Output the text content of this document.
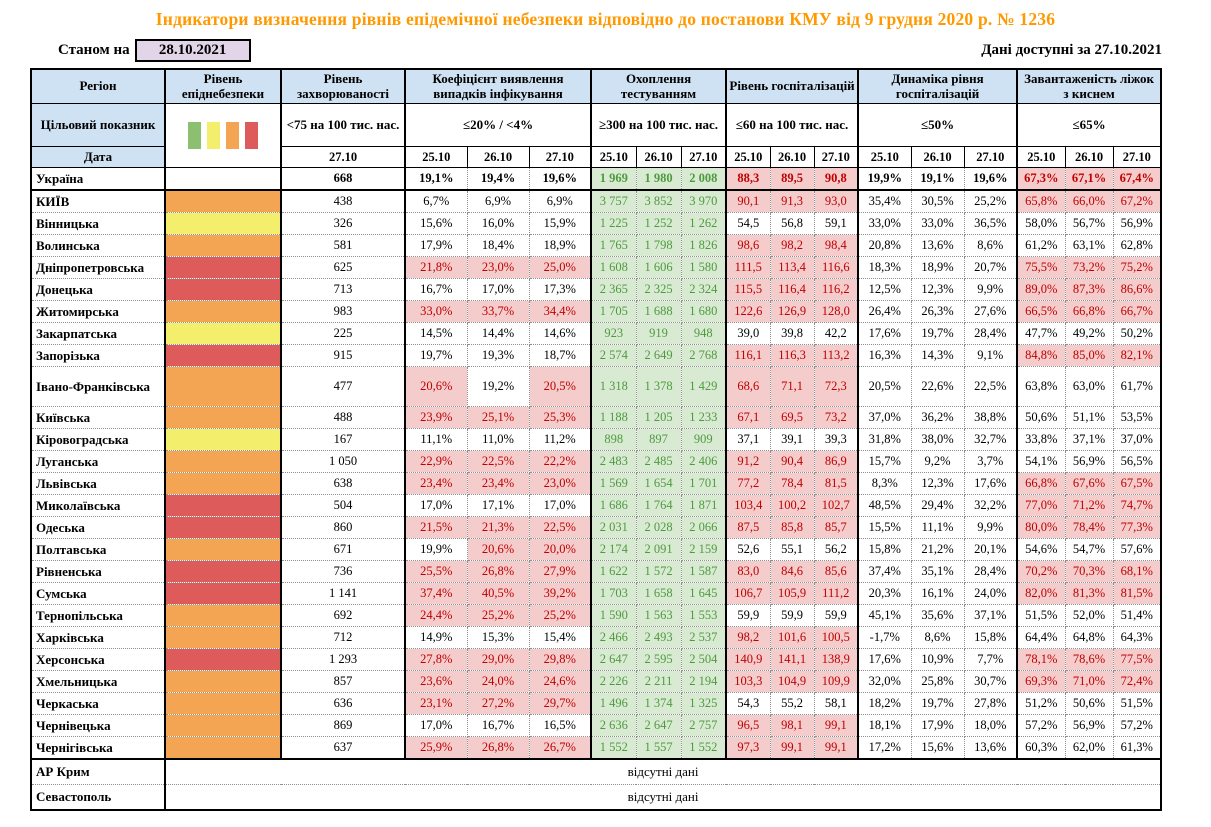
Індикатори визначення рівнів епідемічної небезпеки відповідно до постанови КМУ від 9 грудня 2020 р. № 1236
Станом на	28.10.2021	Дані доступні за 27.10.2021
Регіон	Рівень епіднебезпеки	Рівень захворюваності	Коефіцієнт виявлення випадків інфікування			Охоплення тестуванням			Рівень госпіталізацій			Динаміка рівня госпіталізацій			Завантаженість ліжок з киснем		
Цільовий показник		<75 на 100 тис. нас.	≤20% / <4%			≥300 на 100 тис. нас.			≤60 на 100 тис. нас.			≤50%			≤65%		
Дата		27.10	25.10	26.10	27.10	25.10	26.10	27.10	25.10	26.10	27.10	25.10	26.10	27.10	25.10	26.10	27.10
Україна		668	19,1%	19,4%	19,6%	1 969	1 980	2 008	88,3	89,5	90,8	19,9%	19,1%	19,6%	67,3%	67,1%	67,4%
КИЇВ		438	6,7%	6,9%	6,9%	3 757	3 852	3 970	90,1	91,3	93,0	35,4%	30,5%	25,2%	65,8%	66,0%	67,2%
Вінницька		326	15,6%	16,0%	15,9%	1 225	1 252	1 262	54,5	56,8	59,1	33,0%	33,0%	36,5%	58,0%	56,7%	56,9%
Волинська		581	17,9%	18,4%	18,9%	1 765	1 798	1 826	98,6	98,2	98,4	20,8%	13,6%	8,6%	61,2%	63,1%	62,8%
Дніпропетровська		625	21,8%	23,0%	25,0%	1 608	1 606	1 580	111,5	113,4	116,6	18,3%	18,9%	20,7%	75,5%	73,2%	75,2%
Донецька		713	16,7%	17,0%	17,3%	2 365	2 325	2 324	115,5	116,4	116,2	12,5%	12,3%	9,9%	89,0%	87,3%	86,6%
Житомирська		983	33,0%	33,7%	34,4%	1 705	1 688	1 680	122,6	126,9	128,0	26,4%	26,3%	27,6%	66,5%	66,8%	66,7%
Закарпатська		225	14,5%	14,4%	14,6%	923	919	948	39,0	39,8	42,2	17,6%	19,7%	28,4%	47,7%	49,2%	50,2%
Запорізька		915	19,7%	19,3%	18,7%	2 574	2 649	2 768	116,1	116,3	113,2	16,3%	14,3%	9,1%	84,8%	85,0%	82,1%
Івано-Франківська		477	20,6%	19,2%	20,5%	1 318	1 378	1 429	68,6	71,1	72,3	20,5%	22,6%	22,5%	63,8%	63,0%	61,7%
Київська		488	23,9%	25,1%	25,3%	1 188	1 205	1 233	67,1	69,5	73,2	37,0%	36,2%	38,8%	50,6%	51,1%	53,5%
Кіровоградська		167	11,1%	11,0%	11,2%	898	897	909	37,1	39,1	39,3	31,8%	38,0%	32,7%	33,8%	37,1%	37,0%
Луганська		1 050	22,9%	22,5%	22,2%	2 483	2 485	2 406	91,2	90,4	86,9	15,7%	9,2%	3,7%	54,1%	56,9%	56,5%
Львівська		638	23,4%	23,4%	23,0%	1 569	1 654	1 701	77,2	78,4	81,5	8,3%	12,3%	17,6%	66,8%	67,6%	67,5%
Миколаївська		504	17,0%	17,1%	17,0%	1 686	1 764	1 871	103,4	100,2	102,7	48,5%	29,4%	32,2%	77,0%	71,2%	74,7%
Одеська		860	21,5%	21,3%	22,5%	2 031	2 028	2 066	87,5	85,8	85,7	15,5%	11,1%	9,9%	80,0%	78,4%	77,3%
Полтавська		671	19,9%	20,6%	20,0%	2 174	2 091	2 159	52,6	55,1	56,2	15,8%	21,2%	20,1%	54,6%	54,7%	57,6%
Рівненська		736	25,5%	26,8%	27,9%	1 622	1 572	1 587	83,0	84,6	85,6	37,4%	35,1%	28,4%	70,2%	70,3%	68,1%
Сумська		1 141	37,4%	40,5%	39,2%	1 703	1 658	1 645	106,7	105,9	111,2	20,3%	16,1%	24,0%	82,0%	81,3%	81,5%
Тернопільська		692	24,4%	25,2%	25,2%	1 590	1 563	1 553	59,9	59,9	59,9	45,1%	35,6%	37,1%	51,5%	52,0%	51,4%
Харківська		712	14,9%	15,3%	15,4%	2 466	2 493	2 537	98,2	101,6	100,5	-1,7%	8,6%	15,8%	64,4%	64,8%	64,3%
Херсонська		1 293	27,8%	29,0%	29,8%	2 647	2 595	2 504	140,9	141,1	138,9	17,6%	10,9%	7,7%	78,1%	78,6%	77,5%
Хмельницька		857	23,6%	24,0%	24,6%	2 226	2 211	2 194	103,3	104,9	109,9	32,0%	25,8%	30,7%	69,3%	71,0%	72,4%
Черкаська		636	23,1%	27,2%	29,7%	1 496	1 374	1 325	54,3	55,2	58,1	18,2%	19,7%	27,8%	51,2%	50,6%	51,5%
Чернівецька		869	17,0%	16,7%	16,5%	2 636	2 647	2 757	96,5	98,1	99,1	18,1%	17,9%	18,0%	57,2%	56,9%	57,2%
Чернігівська		637	25,9%	26,8%	26,7%	1 552	1 557	1 552	97,3	99,1	99,1	17,2%	15,6%	13,6%	60,3%	62,0%	61,3%
АР Крим	відсутні дані																
Севастополь	відсутні дані																
